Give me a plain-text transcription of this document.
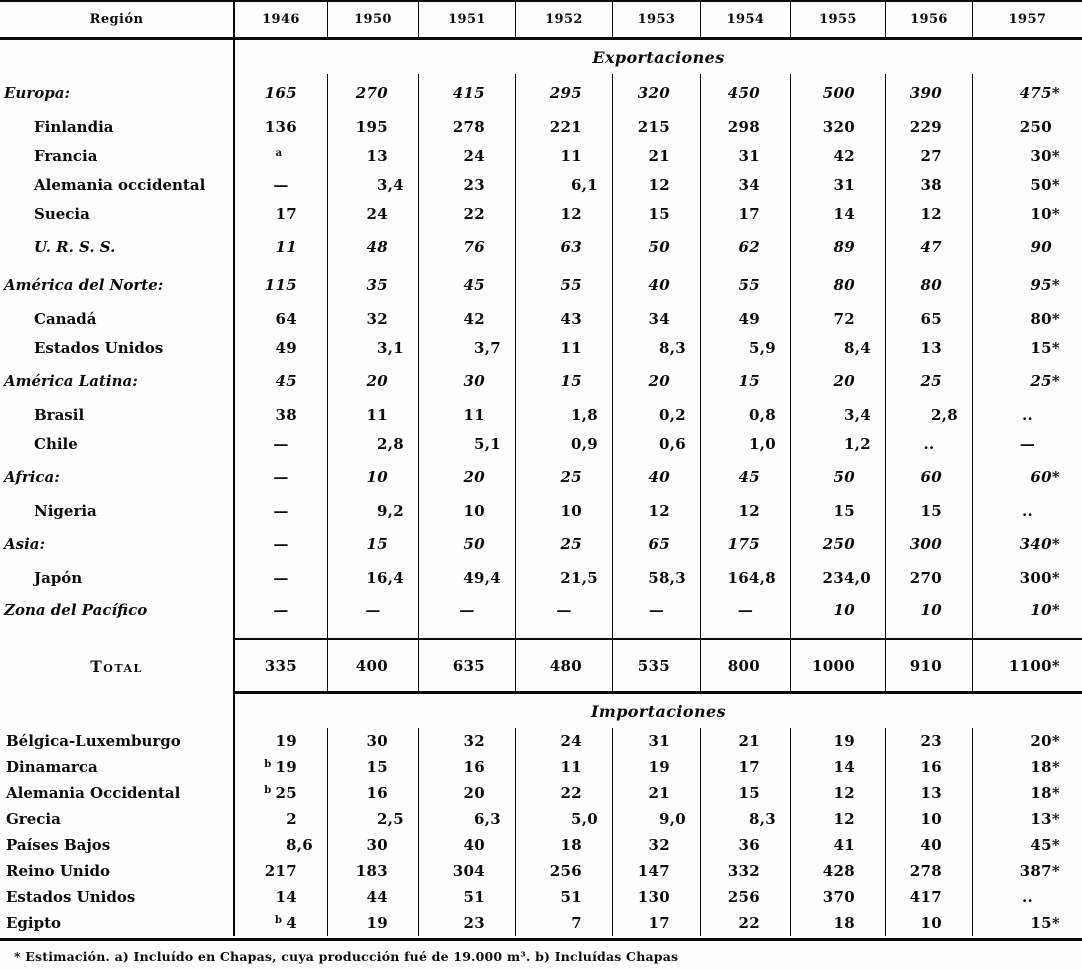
Región	1946	1950	1951	1952	1953	1954	1955	1956	1957
Exportaciones
Europa:	165	270	415	295	320	450	500	390	475*
Finlandia	136	195	278	221	215	298	320	229	250
Francia	a	13	24	11	21	31	42	27	30*
Alemania occidental	—	3,4	23	6,1	12	34	31	38	50*
Suecia	17	24	22	12	15	17	14	12	10*
U. R. S. S.	11	48	76	63	50	62	89	47	90
América del Norte:	115	35	45	55	40	55	80	80	95*
Canadá	64	32	42	43	34	49	72	65	80*
Estados Unidos	49	3,1	3,7	11	8,3	5,9	8,4	13	15*
América Latina:	45	20	30	15	20	15	20	25	25*
Brasil	38	11	11	1,8	0,2	0,8	3,4	2,8	..
Chile	—	2,8	5,1	0,9	0,6	1,0	1,2	..	—
Africa:	—	10	20	25	40	45	50	60	60*
Nigeria	—	9,2	10	10	12	12	15	15	..
Asia:	—	15	50	25	65	175	250	300	340*
Japón	—	16,4	49,4	21,5	58,3	164,8	234,0	270	300*
Zona del Pacífico	—	—	—	—	—	—	10	10	10*
Total	335	400	635	480	535	800	1000	910	1100*
Importaciones
Bélgica-Luxemburgo	19	30	32	24	31	21	19	23	20*
Dinamarca	b 19	15	16	11	19	17	14	16	18*
Alemania Occidental	b 25	16	20	22	21	15	12	13	18*
Grecia	2	2,5	6,3	5,0	9,0	8,3	12	10	13*
Países Bajos	8,6	30	40	18	32	36	41	40	45*
Reino Unido	217	183	304	256	147	332	428	278	387*
Estados Unidos	14	44	51	51	130	256	370	417	..
Egipto	b 4	19	23	7	17	22	18	10	15*
* Estimación. a) Incluído en Chapas, cuya producción fué de 19.000 m³. b) Incluídas Chapas
